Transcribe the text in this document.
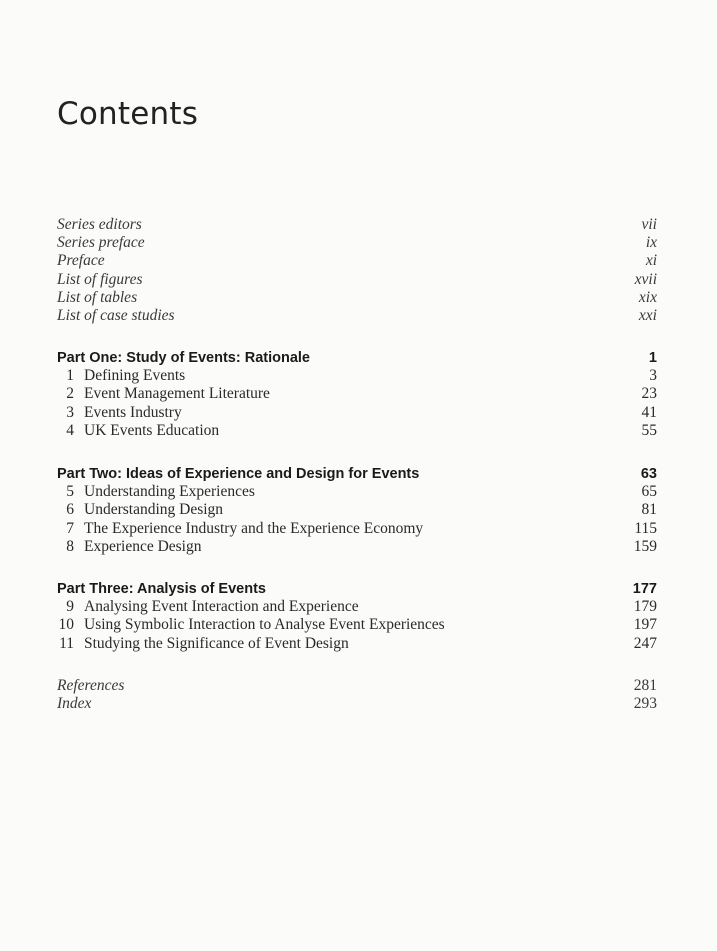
Contents
Series editors	vii
Series preface	ix
Preface	xi
List of figures	xvii
List of tables	xix
List of case studies	xxi
Part One: Study of Events: Rationale	1
1 Defining Events	3
2 Event Management Literature	23
3 Events Industry	41
4 UK Events Education	55
Part Two: Ideas of Experience and Design for Events	63
5 Understanding Experiences	65
6 Understanding Design	81
7 The Experience Industry and the Experience Economy	115
8 Experience Design	159
Part Three: Analysis of Events	177
9 Analysing Event Interaction and Experience	179
10 Using Symbolic Interaction to Analyse Event Experiences	197
11 Studying the Significance of Event Design	247
References	281
Index	293
